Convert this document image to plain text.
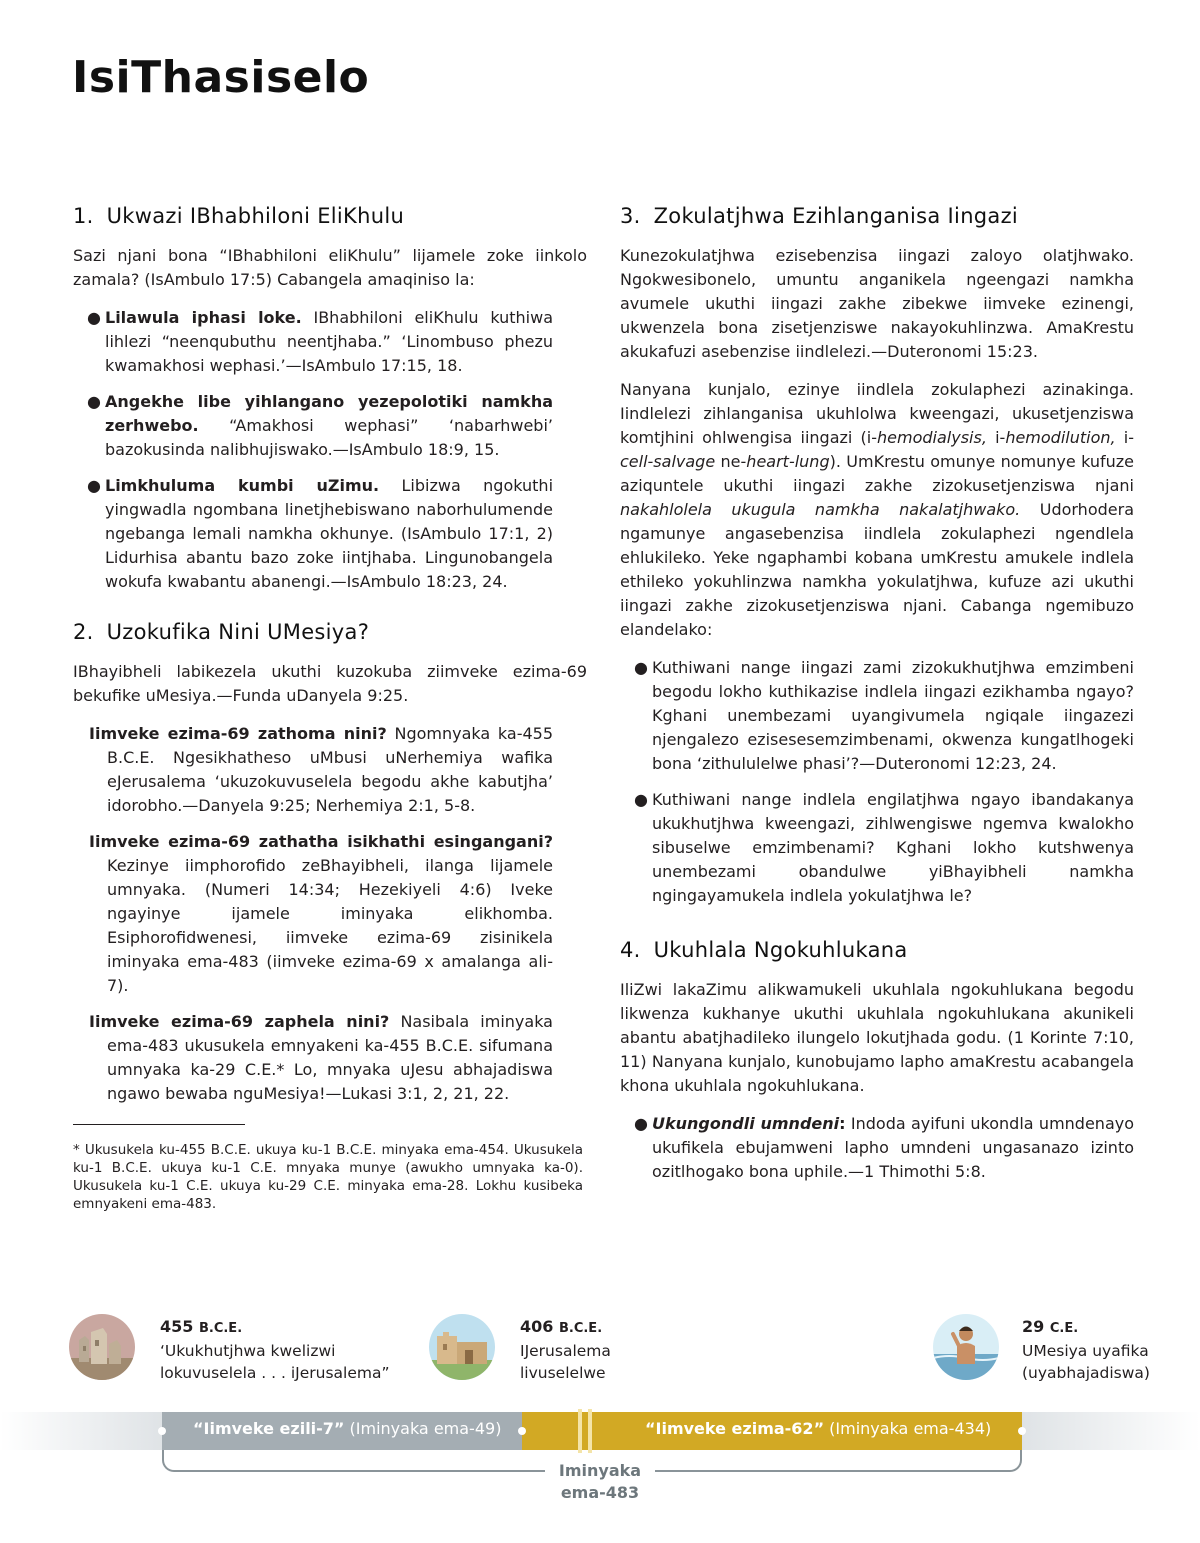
IsiThasiselo
1. Ukwazi IBhabhiloni EliKhulu

Sazi njani bona “IBhabhiloni eliKhulu” lijamele zoke iinkolo zamala? (IsAmbulo 17:5) Cabangela amaqiniso la:

● Lilawula iphasi loke. IBhabhiloni eliKhulu kuthiwa lihlezi “neenqubuthu neentjhaba.” ‘Linombuso phezu kwamakhosi wephasi.’—IsAmbulo 17:15, 18.
● Angekhe libe yihlangano yezepolotiki namkha zerhwebo. “Amakhosi wephasi” ‘nabarhwebi’ bazokusinda nalibhujiswako.—IsAmbulo 18:9, 15.
● Limkhuluma kumbi uZimu. Libizwa ngokuthi yingwadla ngombana linetjhebiswano naborhulumende ngebanga lemali namkha okhunye. (IsAmbulo 17:1, 2) Lidurhisa abantu bazo zoke iintjhaba. Lingunobangela wokufa kwabantu abanengi.—IsAmbulo 18:23, 24.
2. Uzokufika Nini UMesiya?

IBhayibheli labikezela ukuthi kuzokuba ziimveke ezima-69 bekufike uMesiya.—Funda uDanyela 9:25.

Iimveke ezima-69 zathoma nini? Ngomnyaka ka-455 B.C.E. Ngesikhatheso uMbusi uNerhemiya wafika eJerusalema ‘ukuzokuvuselela begodu akhe kabutjha’ idorobho.—Danyela 9:25; Nerhemiya 2:1, 5-8.
Iimveke ezima-69 zathatha isikhathi esingangani? Kezinye iimphorofido zeBhayibheli, ilanga lijamele umnyaka. (Numeri 14:34; Hezekiyeli 4:6) Iveke ngayinye ijamele iminyaka elikhomba. Esiphorofidwenesi, iimveke ezima-69 zisinikela iminyaka ema-483 (iimveke ezima-69 x amalanga ali- 7).
Iimveke ezima-69 zaphela nini? Nasibala iminyaka ema-483 ukusukela emnyakeni ka-455 B.C.E. sifumana umnyaka ka-29 C.E.* Lo, mnyaka uJesu abhajadiswa ngawo bewaba nguMesiya!—Lukasi 3:1, 2, 21, 22.

* Ukusukela ku-455 B.C.E. ukuya ku-1 B.C.E. minyaka ema-454. Ukusukela ku-1 B.C.E. ukuya ku-1 C.E. mnyaka munye (awukho umnyaka ka-0). Ukusukela ku-1 C.E. ukuya ku-29 C.E. minyaka ema-28. Lokhu kusibeka emnyakeni ema-483.

3. Zokulatjhwa Ezihlanganisa Iingazi

Kunezokulatjhwa ezisebenzisa iingazi zaloyo olatjhwako. Ngokwesibonelo, umuntu anganikela ngeengazi namkha avumele ukuthi iingazi zakhe zibekwe iimveke ezinengi, ukwenzela bona zisetjenziswe nakayokuhlinzwa. AmaKrestu akukafuzi asebenzise iindlelezi.—Duteronomi 15:23.

Nanyana kunjalo, ezinye iindlela zokulaphezi azinakinga. Iindlelezi zihlanganisa ukuhlolwa kweengazi, ukusetjenziswa komtjhini ohlwengisa iingazi (i-hemodialysis, i-hemodilution, i-cell-salvage ne-heart-lung). UmKrestu omunye nomunye kufuze aziquntele ukuthi iingazi zakhe zizokusetjenziswa njani nakahlolela ukugula namkha nakalatjhwako. Udorhodera ngamunye angasebenzisa iindlela zokulaphezi ngendlela ehlukileko. Yeke ngaphambi kobana umKrestu amukele indlela ethileko yokuhlinzwa namkha yokulatjhwa, kufuze azi ukuthi iingazi zakhe zizokusetjenziswa njani. Cabanga ngemibuzo elandelako:

● Kuthiwani nange iingazi zami zizokukhutjhwa emzimbeni begodu lokho kuthikazise indlela iingazi ezikhamba ngayo? Kghani unembezami uyangivumela ngiqale iingazezi njengalezo ezisesesemzimbenami, okwenza kungatlhogeki bona ‘zithululelwe phasi’?—Duteronomi 12:23, 24.
● Kuthiwani nange indlela engilatjhwa ngayo ibandakanya ukukhutjhwa kweengazi, zihlwengiswe ngemva kwalokho sibuselwe emzimbenami? Kghani lokho kutshwenya unembezami obandulwe yiBhayibheli namkha ngingayamukela indlela yokulatjhwa le?
4. Ukuhlala Ngokuhlukana

IliZwi lakaZimu alikwamukeli ukuhlala ngokuhlukana begodu likwenza kukhanye ukuthi ukuhlala ngokuhlukana akunikeli abantu abatjhadileko ilungelo lokutjhada godu. (1 Korinte 7:10, 11) Nanyana kunjalo, kunobujamo lapho amaKrestu acabangela khona ukuhlala ngokuhlukana.

● Ukungondli umndeni: Indoda ayifuni ukondla umndenayo ukufikela ebujamweni lapho umndeni ungasanazo izinto ozitlhogako bona uphile.—1 Thimothi 5:8.
455 B.C.E.
‘Ukukhutjhwa kwelizwi
lokuvuselela . . . iJerusalema”
406 B.C.E.
IJerusalema
livuselelwe
29 C.E.
UMesiya uyafika
(uyabhajadiswa)
“Iimveke ezili-7” (Iminyaka ema-49)	“Iimveke ezima-62” (Iminyaka ema-434)
Iminyaka
ema-483
